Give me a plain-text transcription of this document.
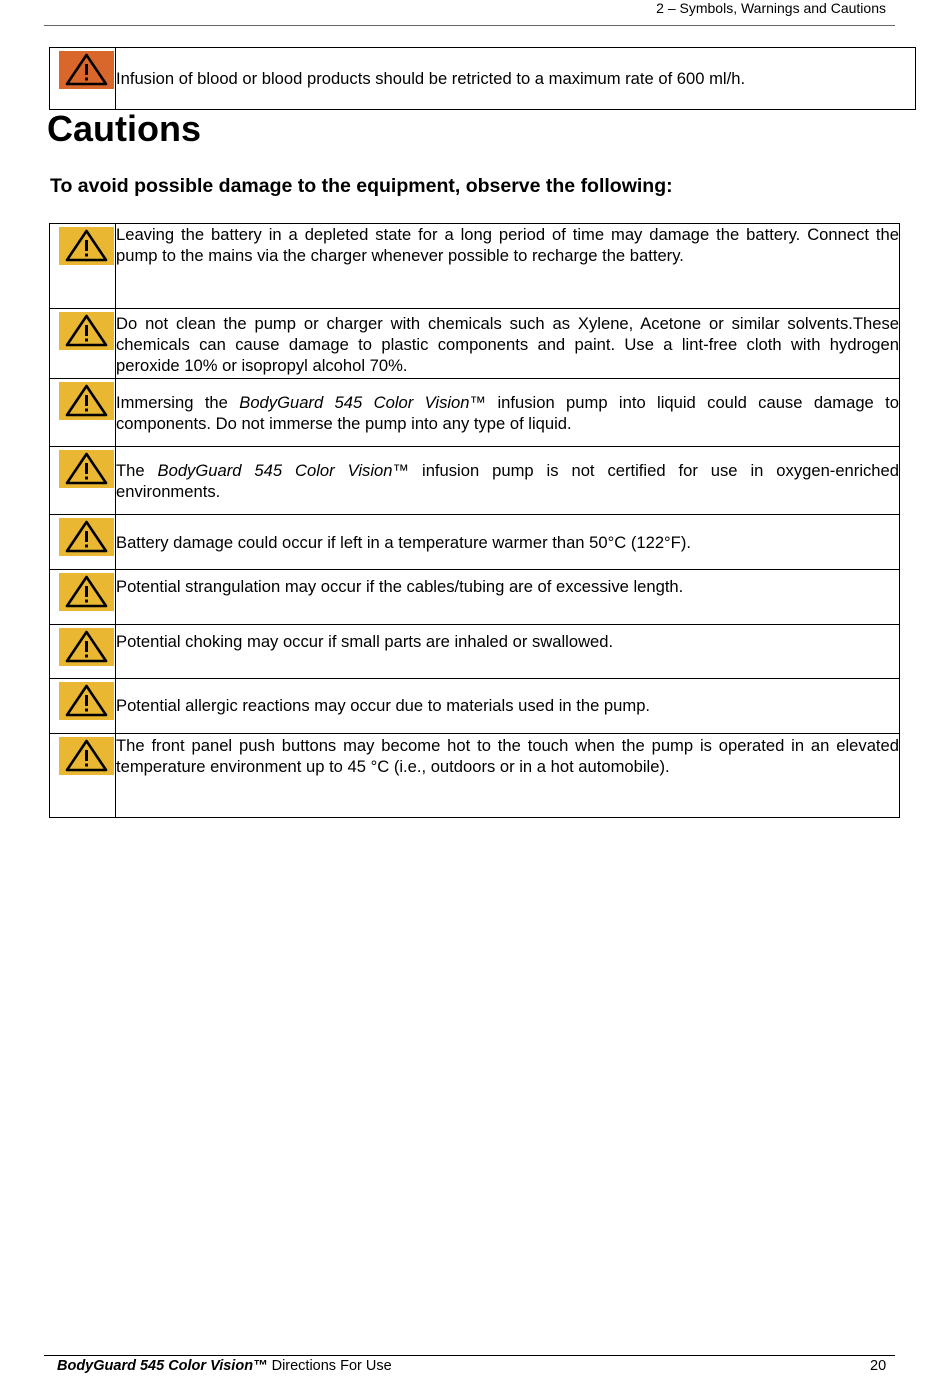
2 – Symbols, Warnings and Cautions
	Infusion of blood or blood products should be retricted to a maximum rate of 600 ml/h.
Cautions

To avoid possible damage to the equipment, observe the following:

	Leaving the battery in a depleted state for a long period of time may damage the battery. Connect the pump to the mains via the charger whenever possible to recharge the battery.

	Do not clean the pump or charger with chemicals such as Xylene, Acetone or similar solvents.These chemicals can cause damage to plastic components and paint. Use a lint-free cloth with hydrogen peroxide 10% or isopropyl alcohol 70%.

	Immersing the BodyGuard 545 Color Vision™ infusion pump into liquid could cause damage to components. Do not immerse the pump into any type of liquid.

	The BodyGuard 545 Color Vision™ infusion pump is not certified for use in oxygen-enriched environments.

	Battery damage could occur if left in a temperature warmer than 50°C (122°F).

	Potential strangulation may occur if the cables/tubing are of excessive length.

	Potential choking may occur if small parts are inhaled or swallowed.

	Potential allergic reactions may occur due to materials used in the pump.

	The front panel push buttons may become hot to the touch when the pump is operated in an elevated temperature environment up to 45 °C (i.e., outdoors or in a hot automobile).
BodyGuard 545 Color Vision™ Directions For Use	20
